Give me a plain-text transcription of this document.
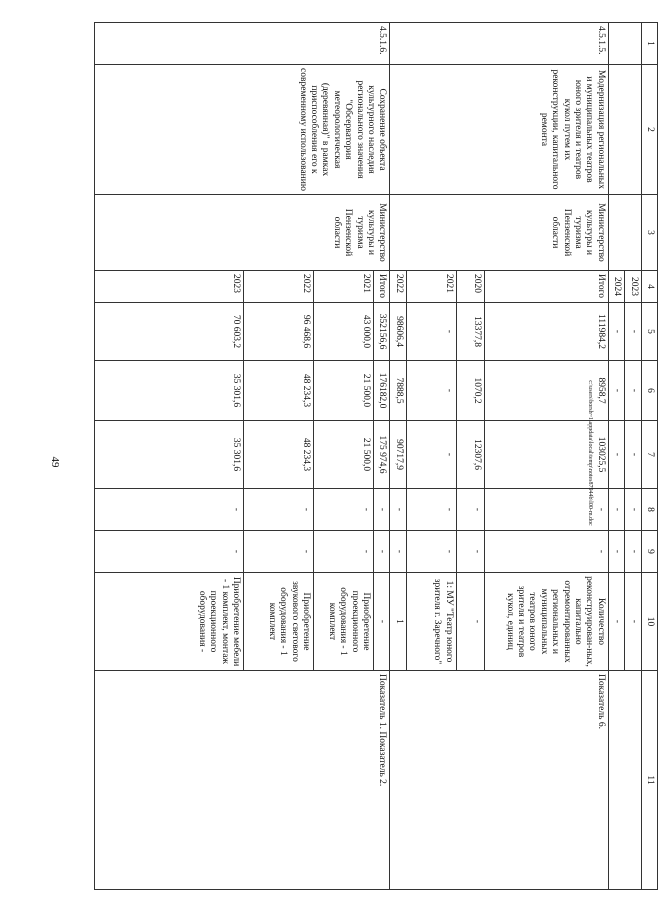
49
1	2	3	4	5	6	7	8	9	10	11
			2023	-	-	-	-	-	-	
			2024	-	-	-	-	-	-	
4.5.1.5.	Модернизация региональных и муниципальных театров юного зрителя и театров кукол путем их реконструкции, капитального ремонта	Министерство культуры и туризма Пензенской области	Итого	111984,2	8958,7	103025,5	-	-	Количество реконструирован-ных, капитально отремонтированных региональных и муниципальных театров юного зрителя и театров кукол, единиц	Показатель 6.
			2020	13377,8	1070,2	12307,6	-	-	-	
			2021	-	-	-	-	-	1: МУ "Театр юного зрителя г. Заречного"	
			2022	98606,4	7888,5	90717,9	-	-	1	
4.5.1.6.	Сохранение объекта культурного наследия регионального значения "Обсерватория метеорологическая (деревянная)" в рамках приспособления его к современному использованию	Министерство культуры и туризма Пензенской области	Итого	352156,6	176182,0	175 974,6	-	-	-	Показатель 1. Показатель 2.
			2021	43 000,0	21 500,0	21 500,0	-	-	Приобретение проекционного оборудования - 1 комплект	
			2022	96 468,6	48 234,3	48 234,3	-	-	Приобретение звукового светового оборудования - 1 комплект	
			2023	70 603,2	35 301,6	35 301,6	-	-	Приобретение мебели - 1 комплект, монтаж проекционного оборудования -	
c:\users\borsh~1\appdata\local\temp\notes87944b\l00-m.doc
